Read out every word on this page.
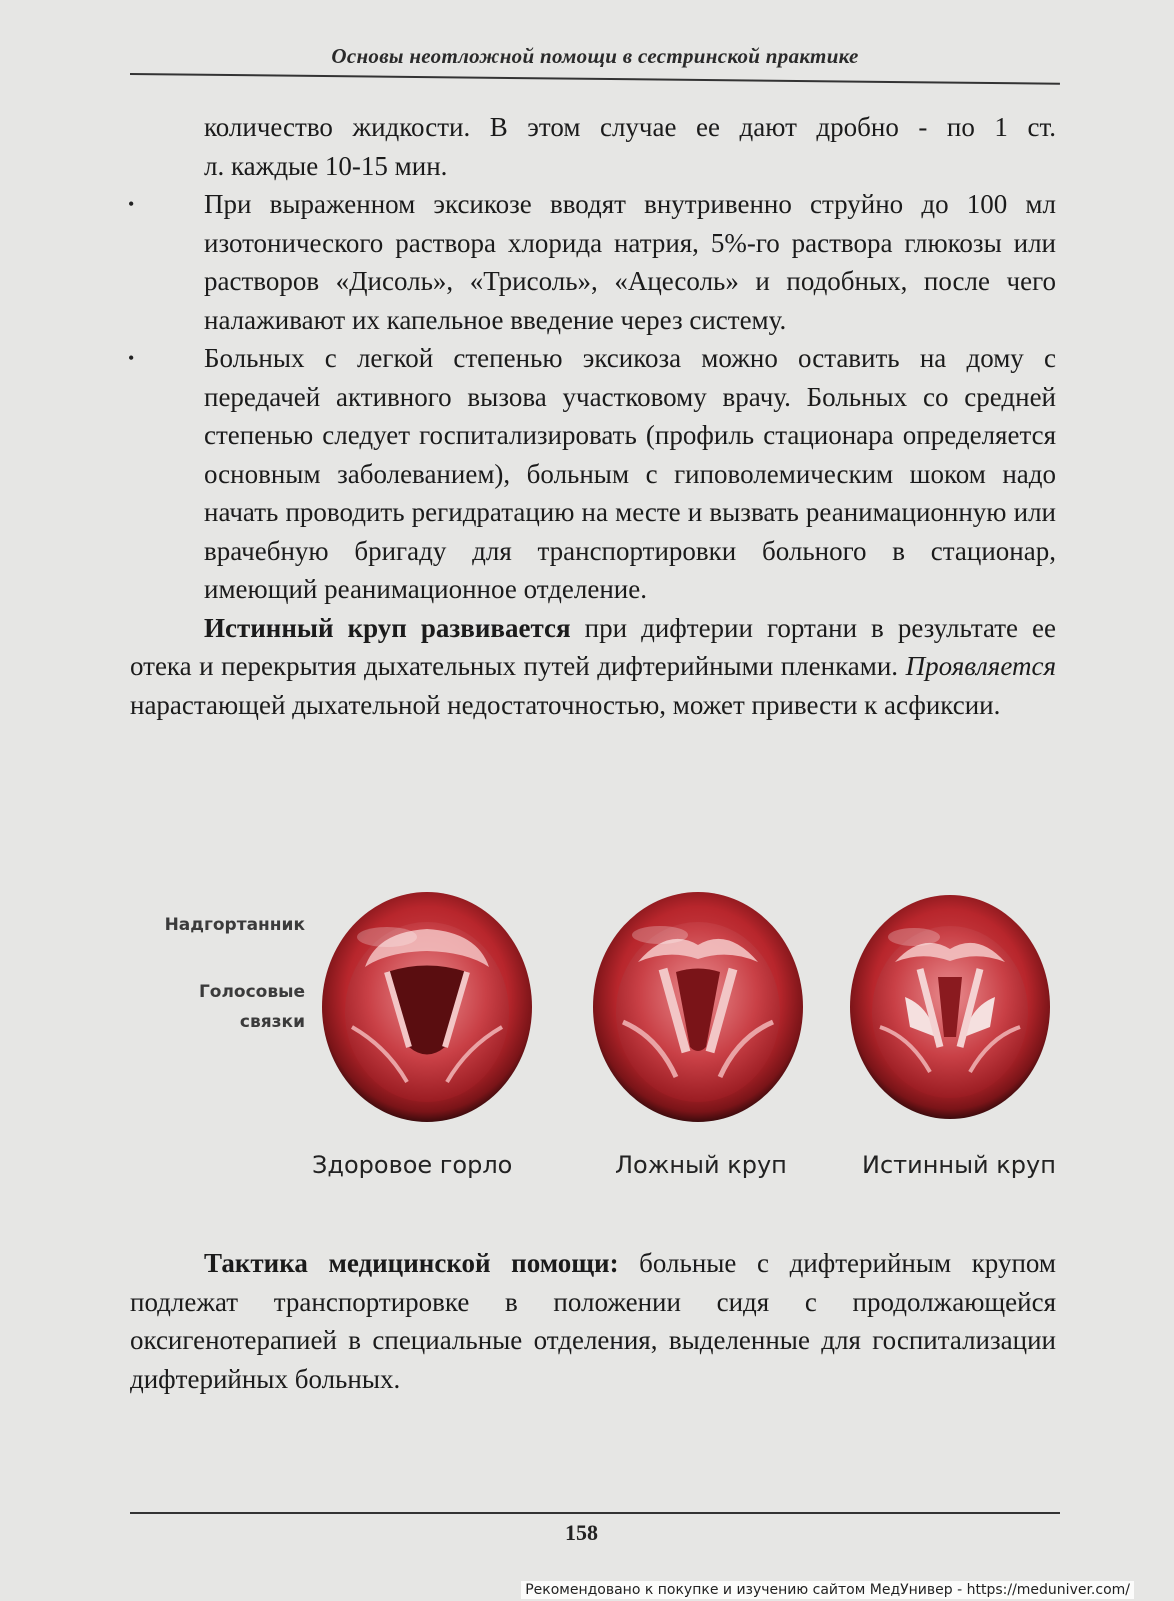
Основы неотложной помощи в сестринской практике
количество жидкости. В этом случае ее дают дробно - по 1 ст.
л. каждые 10-15 мин.
•	При выраженном эксикозе вводят внутривенно струйно до 100 мл изотонического раствора хлорида натрия, 5%-го раствора глюкозы или растворов «Дисоль», «Трисоль», «Ацесоль» и подобных, после чего налаживают их капельное введение через систему.

•	Больных с легкой степенью эксикоза можно оставить на дому с передачей активного вызова участковому врачу. Больных со средней степенью следует госпитализировать (профиль стационара определяется основным заболеванием), больным с гиповолемическим шоком надо начать проводить регидратацию на месте и вызвать реанимационную или врачебную бригаду для транспортировки больного в стационар, имеющий реанимационное отделение.

Истинный круп развивается при дифтерии гортани в результате ее отека и перекрытия дыхательных путей дифтерийными пленками. Проявляется нарастающей дыхательной недостаточностью, может привести к асфиксии.

Надгортанник
Голосовые
связки
Здоровое горло	Ложный круп	Истинный круп

Тактика медицинской помощи: больные с дифтерийным крупом подлежат транспортировке в положении сидя с продолжающейся оксигенотерапией в специальные отделения, выделенные для госпитализации дифтерийных больных.

158
Рекомендовано к покупке и изучению сайтом МедУнивер - https://meduniver.com/
